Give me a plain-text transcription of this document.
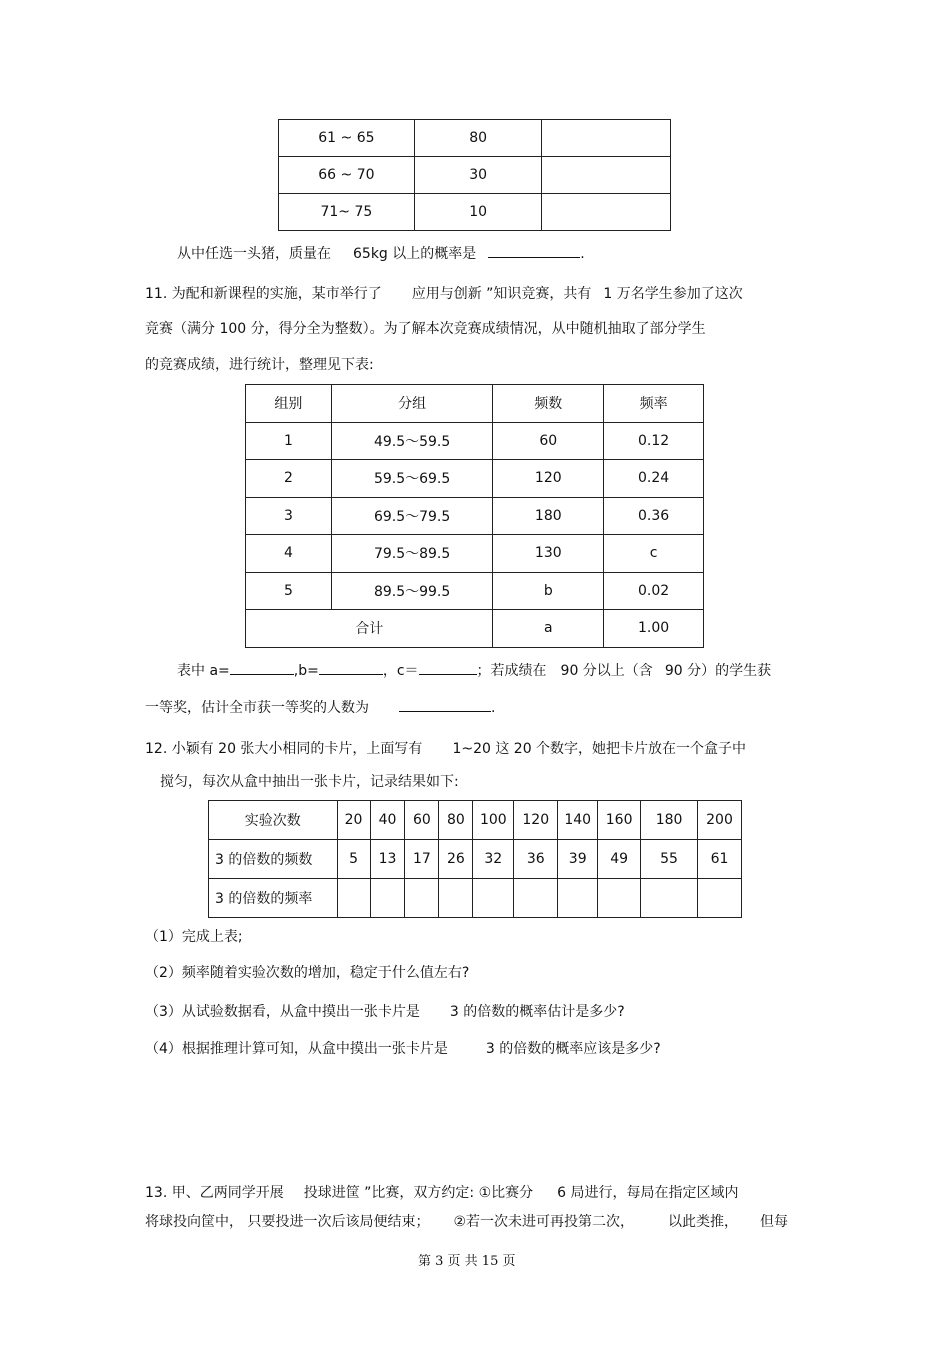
61 ~ 65	80	
66 ~ 70	30	
71~ 75	10	
从中任选一头猪，质量在 65kg 以上的概率是	.
11. 为配和新课程的实施，某市举行了 应用与创新 ”知识竞赛，共有 1 万名学生参加了这次
竞赛（满分 100 分，得分全为整数）。为了解本次竞赛成绩情况，从中随机抽取了部分学生
的竞赛成绩，进行统计，整理见下表:
组别	分组	频数	频率
1	49.5～59.5	60	0.12
2	59.5～69.5	120	0.24
3	69.5～79.5	180	0.36
4	79.5～89.5	130	c
5	89.5～99.5	b	0.02
合计		a	1.00
表中 a=	,b=	，c＝	；若成绩在 90 分以上（含 90 分）的学生获
一等奖，估计全市获一等奖的人数为	.
12. 小颖有 20 张大小相同的卡片，上面写有 1~20 这 20 个数字，她把卡片放在一个盒子中
搅匀，每次从盒中抽出一张卡片，记录结果如下:
实验次数	20	40	60	80	100	120	140	160	180	200
3 的倍数的频数	5	13	17	26	32	36	39	49	55	61
3 的倍数的频率										
（1）完成上表;
（2）频率随着实验次数的增加，稳定于什么值左右?
（3）从试验数据看，从盒中摸出一张卡片是 3 的倍数的概率估计是多少?
（4）根据推理计算可知，从盒中摸出一张卡片是	3 的倍数的概率应该是多少?
13. 甲、乙两同学开展 投球进筐 ”比赛，双方约定: ①比赛分 6 局进行，每局在指定区域内
将球投向筐中， 只要投进一次后该局便结束； ②若一次未进可再投第二次， 以此类推， 但每
第 3 页 共 15 页
